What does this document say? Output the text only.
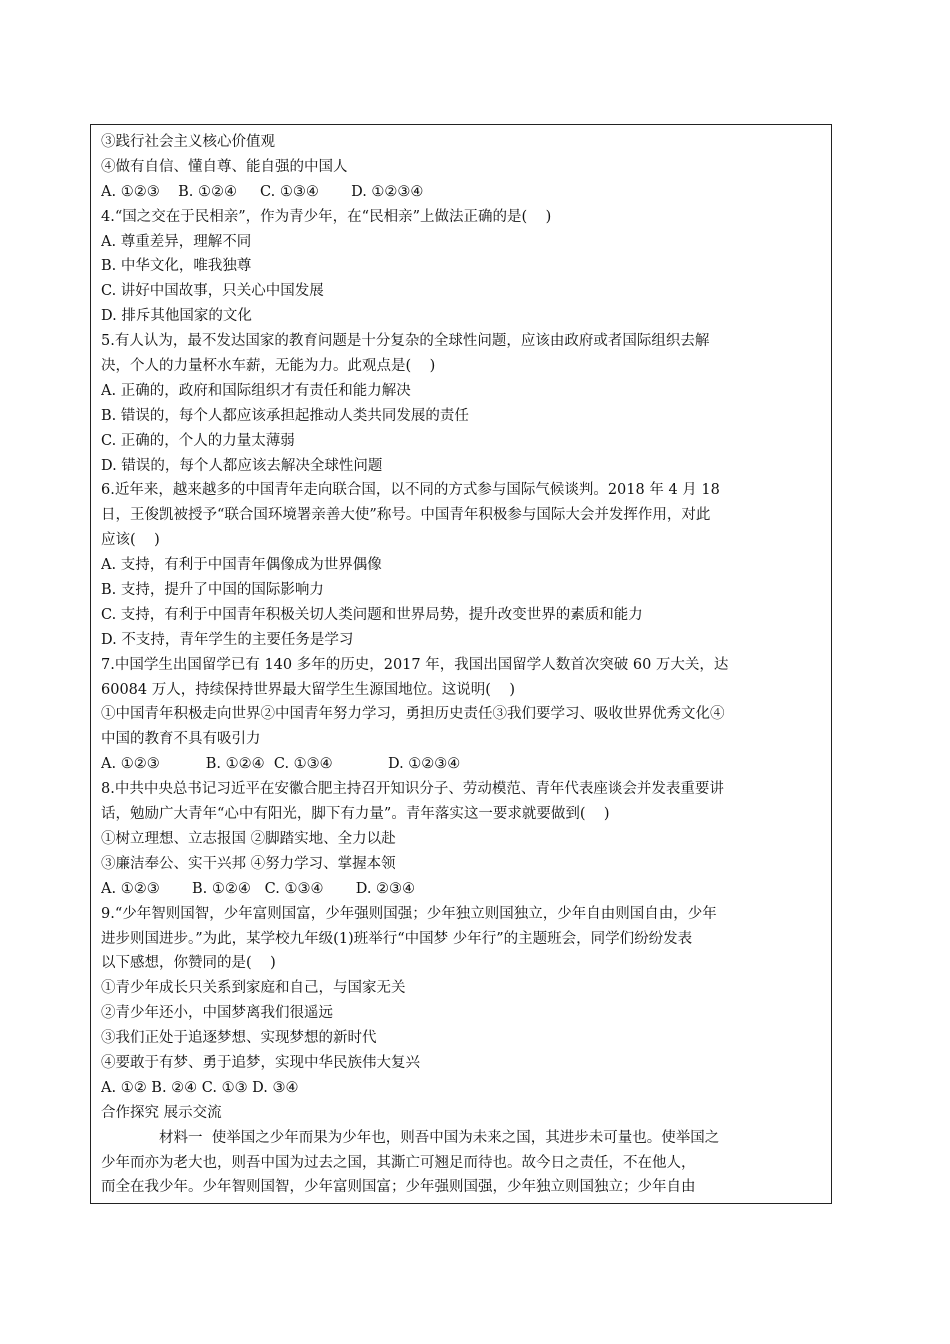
③践行社会主义核心价值观
④做有自信、懂自尊、能自强的中国人
A. ①②③    B. ①②④     C. ①③④       D. ①②③④
4.“国之交在于民相亲”，作为青少年，在“民相亲”上做法正确的是(    )
A. 尊重差异，理解不同
B. 中华文化，唯我独尊
C. 讲好中国故事，只关心中国发展
D. 排斥其他国家的文化
5.有人认为，最不发达国家的教育问题是十分复杂的全球性问题，应该由政府或者国际组织去解
决，个人的力量杯水车薪，无能为力。此观点是(    )
A. 正确的，政府和国际组织才有责任和能力解决
B. 错误的，每个人都应该承担起推动人类共同发展的责任
C. 正确的，个人的力量太薄弱
D. 错误的，每个人都应该去解决全球性问题
6.近年来，越来越多的中国青年走向联合国，以不同的方式参与国际气候谈判。2018 年 4 月 18
日，王俊凯被授予“联合国环境署亲善大使”称号。中国青年积极参与国际大会并发挥作用，对此
应该(    )
A. 支持，有利于中国青年偶像成为世界偶像
B. 支持，提升了中国的国际影响力
C. 支持，有利于中国青年积极关切人类问题和世界局势，提升改变世界的素质和能力
D. 不支持，青年学生的主要任务是学习
7.中国学生出国留学已有 140 多年的历史，2017 年，我国出国留学人数首次突破 60 万大关，达
60084 万人，持续保持世界最大留学生生源国地位。这说明(    )
①中国青年积极走向世界②中国青年努力学习，勇担历史责任③我们要学习、吸收世界优秀文化④
中国的教育不具有吸引力
A. ①②③          B. ①②④  C. ①③④            D. ①②③④
8.中共中央总书记习近平在安徽合肥主持召开知识分子、劳动模范、青年代表座谈会并发表重要讲
话，勉励广大青年“心中有阳光，脚下有力量”。青年落实这一要求就要做到(    )
①树立理想、立志报国 ②脚踏实地、全力以赴
③廉洁奉公、实干兴邦 ④努力学习、掌握本领
A. ①②③       B. ①②④   C. ①③④       D. ②③④
9.“少年智则国智，少年富则国富，少年强则国强；少年独立则国独立，少年自由则国自由，少年
进步则国进步。”为此，某学校九年级(1)班举行“中国梦 少年行”的主题班会，同学们纷纷发表
以下感想，你赞同的是(    )
①青少年成长只关系到家庭和自己，与国家无关
②青少年还小，中国梦离我们很遥远
③我们正处于追逐梦想、实现梦想的新时代
④要敢于有梦、勇于追梦，实现中华民族伟大复兴
A. ①② B. ②④ C. ①③ D. ③④
合作探究 展示交流
材料一  使举国之少年而果为少年也，则吾中国为未来之国，其进步未可量也。使举国之
少年而亦为老大也，则吾中国为过去之国，其澌亡可翘足而待也。故今日之责任，不在他人，
而全在我少年。少年智则国智，少年富则国富；少年强则国强，少年独立则国独立；少年自由
